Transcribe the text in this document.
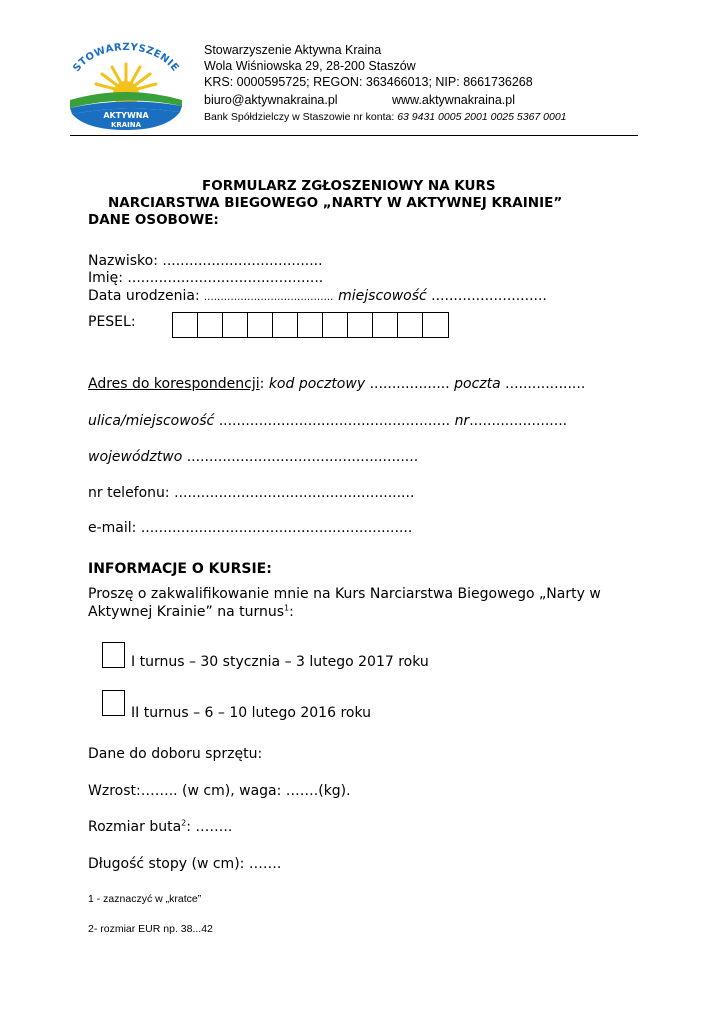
STOWARZYSZENIE
AKTYWNA
KRAINA
Stowarzyszenie Aktywna Kraina
Wola Wiśniowska 29, 28-200 Staszów
KRS: 0000595725; REGON: 363466013; NIP: 8661736268
biuro@aktywnakraina.pl	www.aktywnakraina.pl
Bank Spółdzielczy w Staszowie nr konta: 63 9431 0005 2001 0025 5367 0001
FORMULARZ ZGŁOSZENIOWY NA KURS
NARCIARSTWA BIEGOWEGO „NARTY W AKTYWNEJ KRAINIE”
DANE OSOBOWE:
Nazwisko: ....................................
Imię: ............................................
Data urodzenia: ………………………….…….. miejscowość ..........................
PESEL:
Adres do korespondencji: kod pocztowy .................. poczta ..................
ulica/miejscowość .................................................... nr......................
województwo ....................................................
nr telefonu: ......................................................
e-mail: .............................................................
INFORMACJE O KURSIE:
Proszę o zakwalifikowanie mnie na Kurs Narciarstwa Biegowego „Narty w
Aktywnej Krainie” na turnus$^1$:
I turnus – 30 stycznia – 3 lutego 2017 roku
II turnus – 6 – 10 lutego 2016 roku
Dane do doboru sprzętu:
Wzrost:…….. (w cm), waga: …….(kg).
Rozmiar buta$^2$: ……..
Długość stopy (w cm): …….
1 - zaznaczyć w „kratce”
2- rozmiar EUR np. 38...42
